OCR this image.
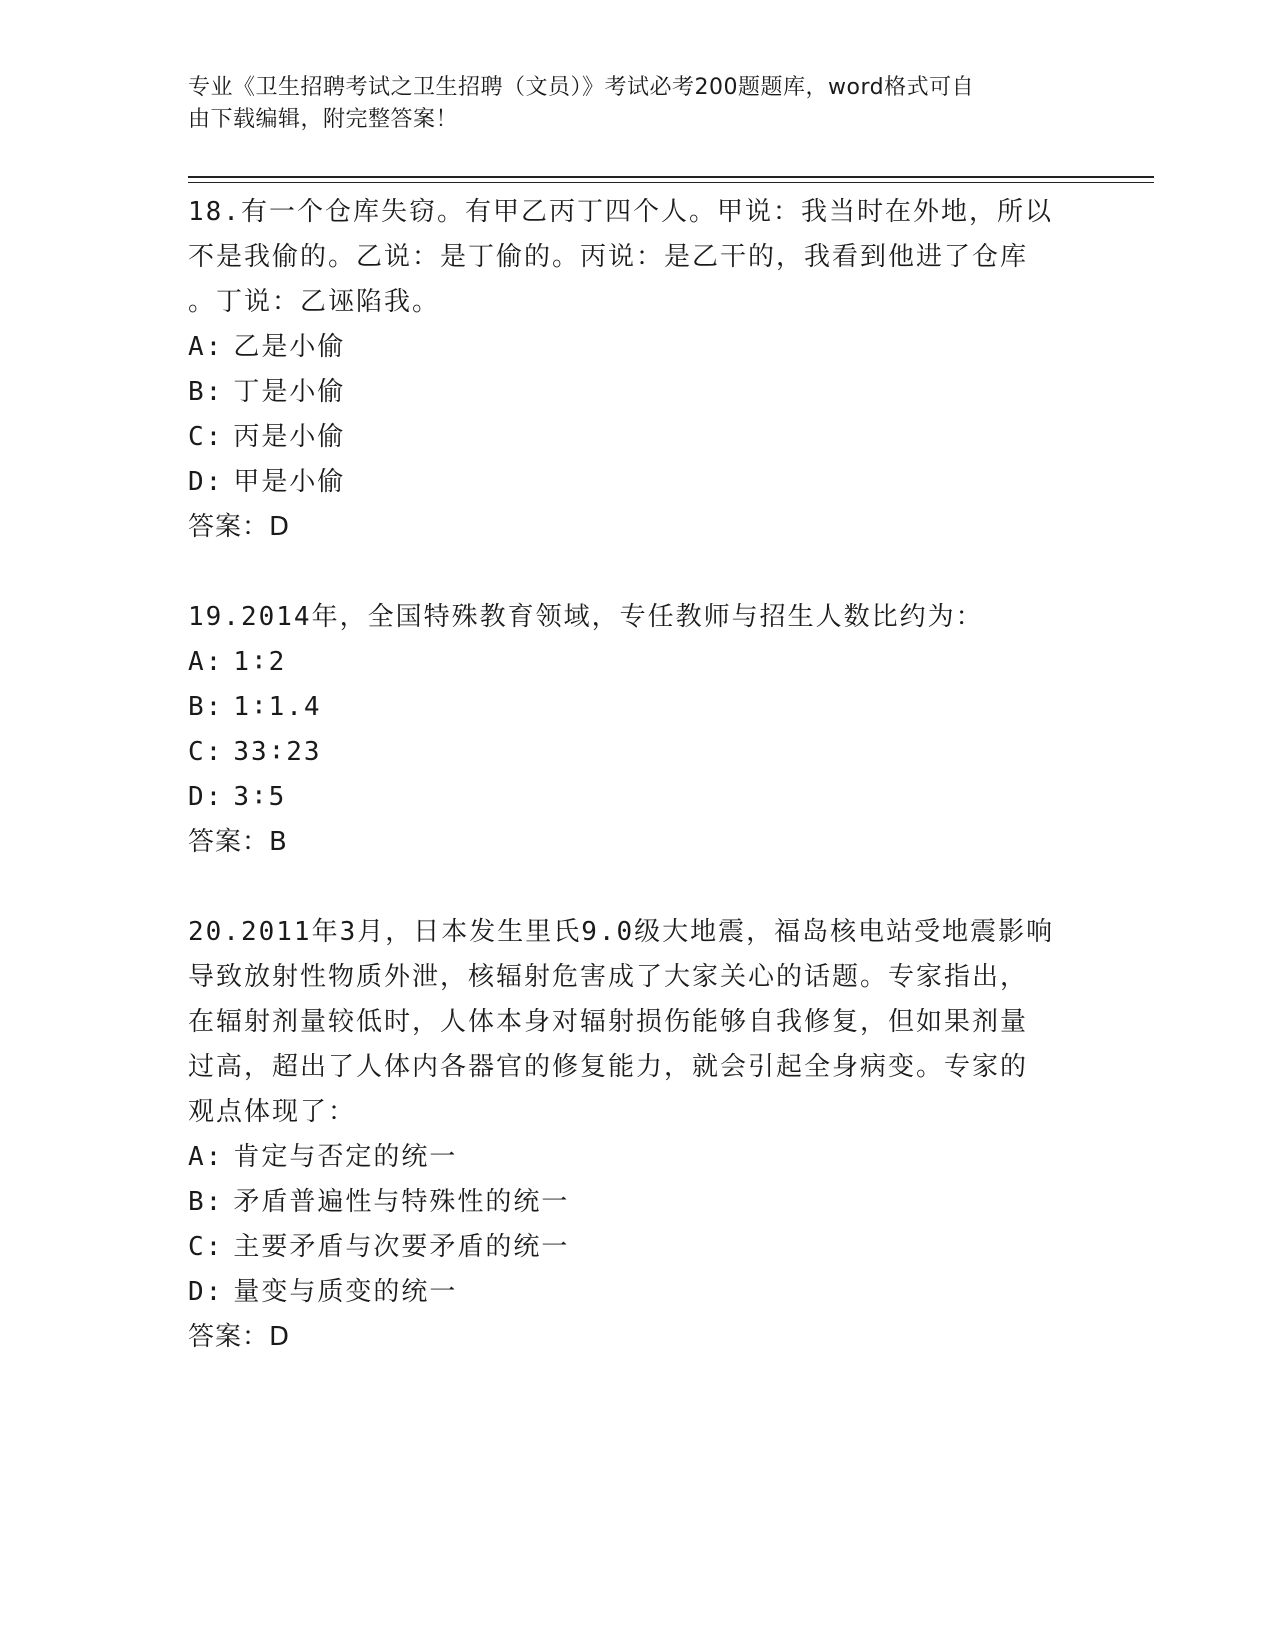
专业《卫生招聘考试之卫生招聘（文员）》考试必考200题题库，word格式可自
由下载编辑，附完整答案！
18.有一个仓库失窃。有甲乙丙丁四个人。甲说：我当时在外地，所以
不是我偷的。乙说：是丁偷的。丙说：是乙干的，我看到他进了仓库
。丁说：乙诬陷我。
A: 乙是小偷
B: 丁是小偷
C: 丙是小偷
D: 甲是小偷
答案：D
19.2014年，全国特殊教育领域，专任教师与招生人数比约为：
A: 1∶2
B: 1∶1.4
C: 33∶23
D: 3∶5
答案：B
20.2011年3月，日本发生里氏9.0级大地震，福岛核电站受地震影响
导致放射性物质外泄，核辐射危害成了大家关心的话题。专家指出，
在辐射剂量较低时，人体本身对辐射损伤能够自我修复，但如果剂量
过高，超出了人体内各器官的修复能力，就会引起全身病变。专家的
观点体现了：
A: 肯定与否定的统一
B: 矛盾普遍性与特殊性的统一
C: 主要矛盾与次要矛盾的统一
D: 量变与质变的统一
答案：D
